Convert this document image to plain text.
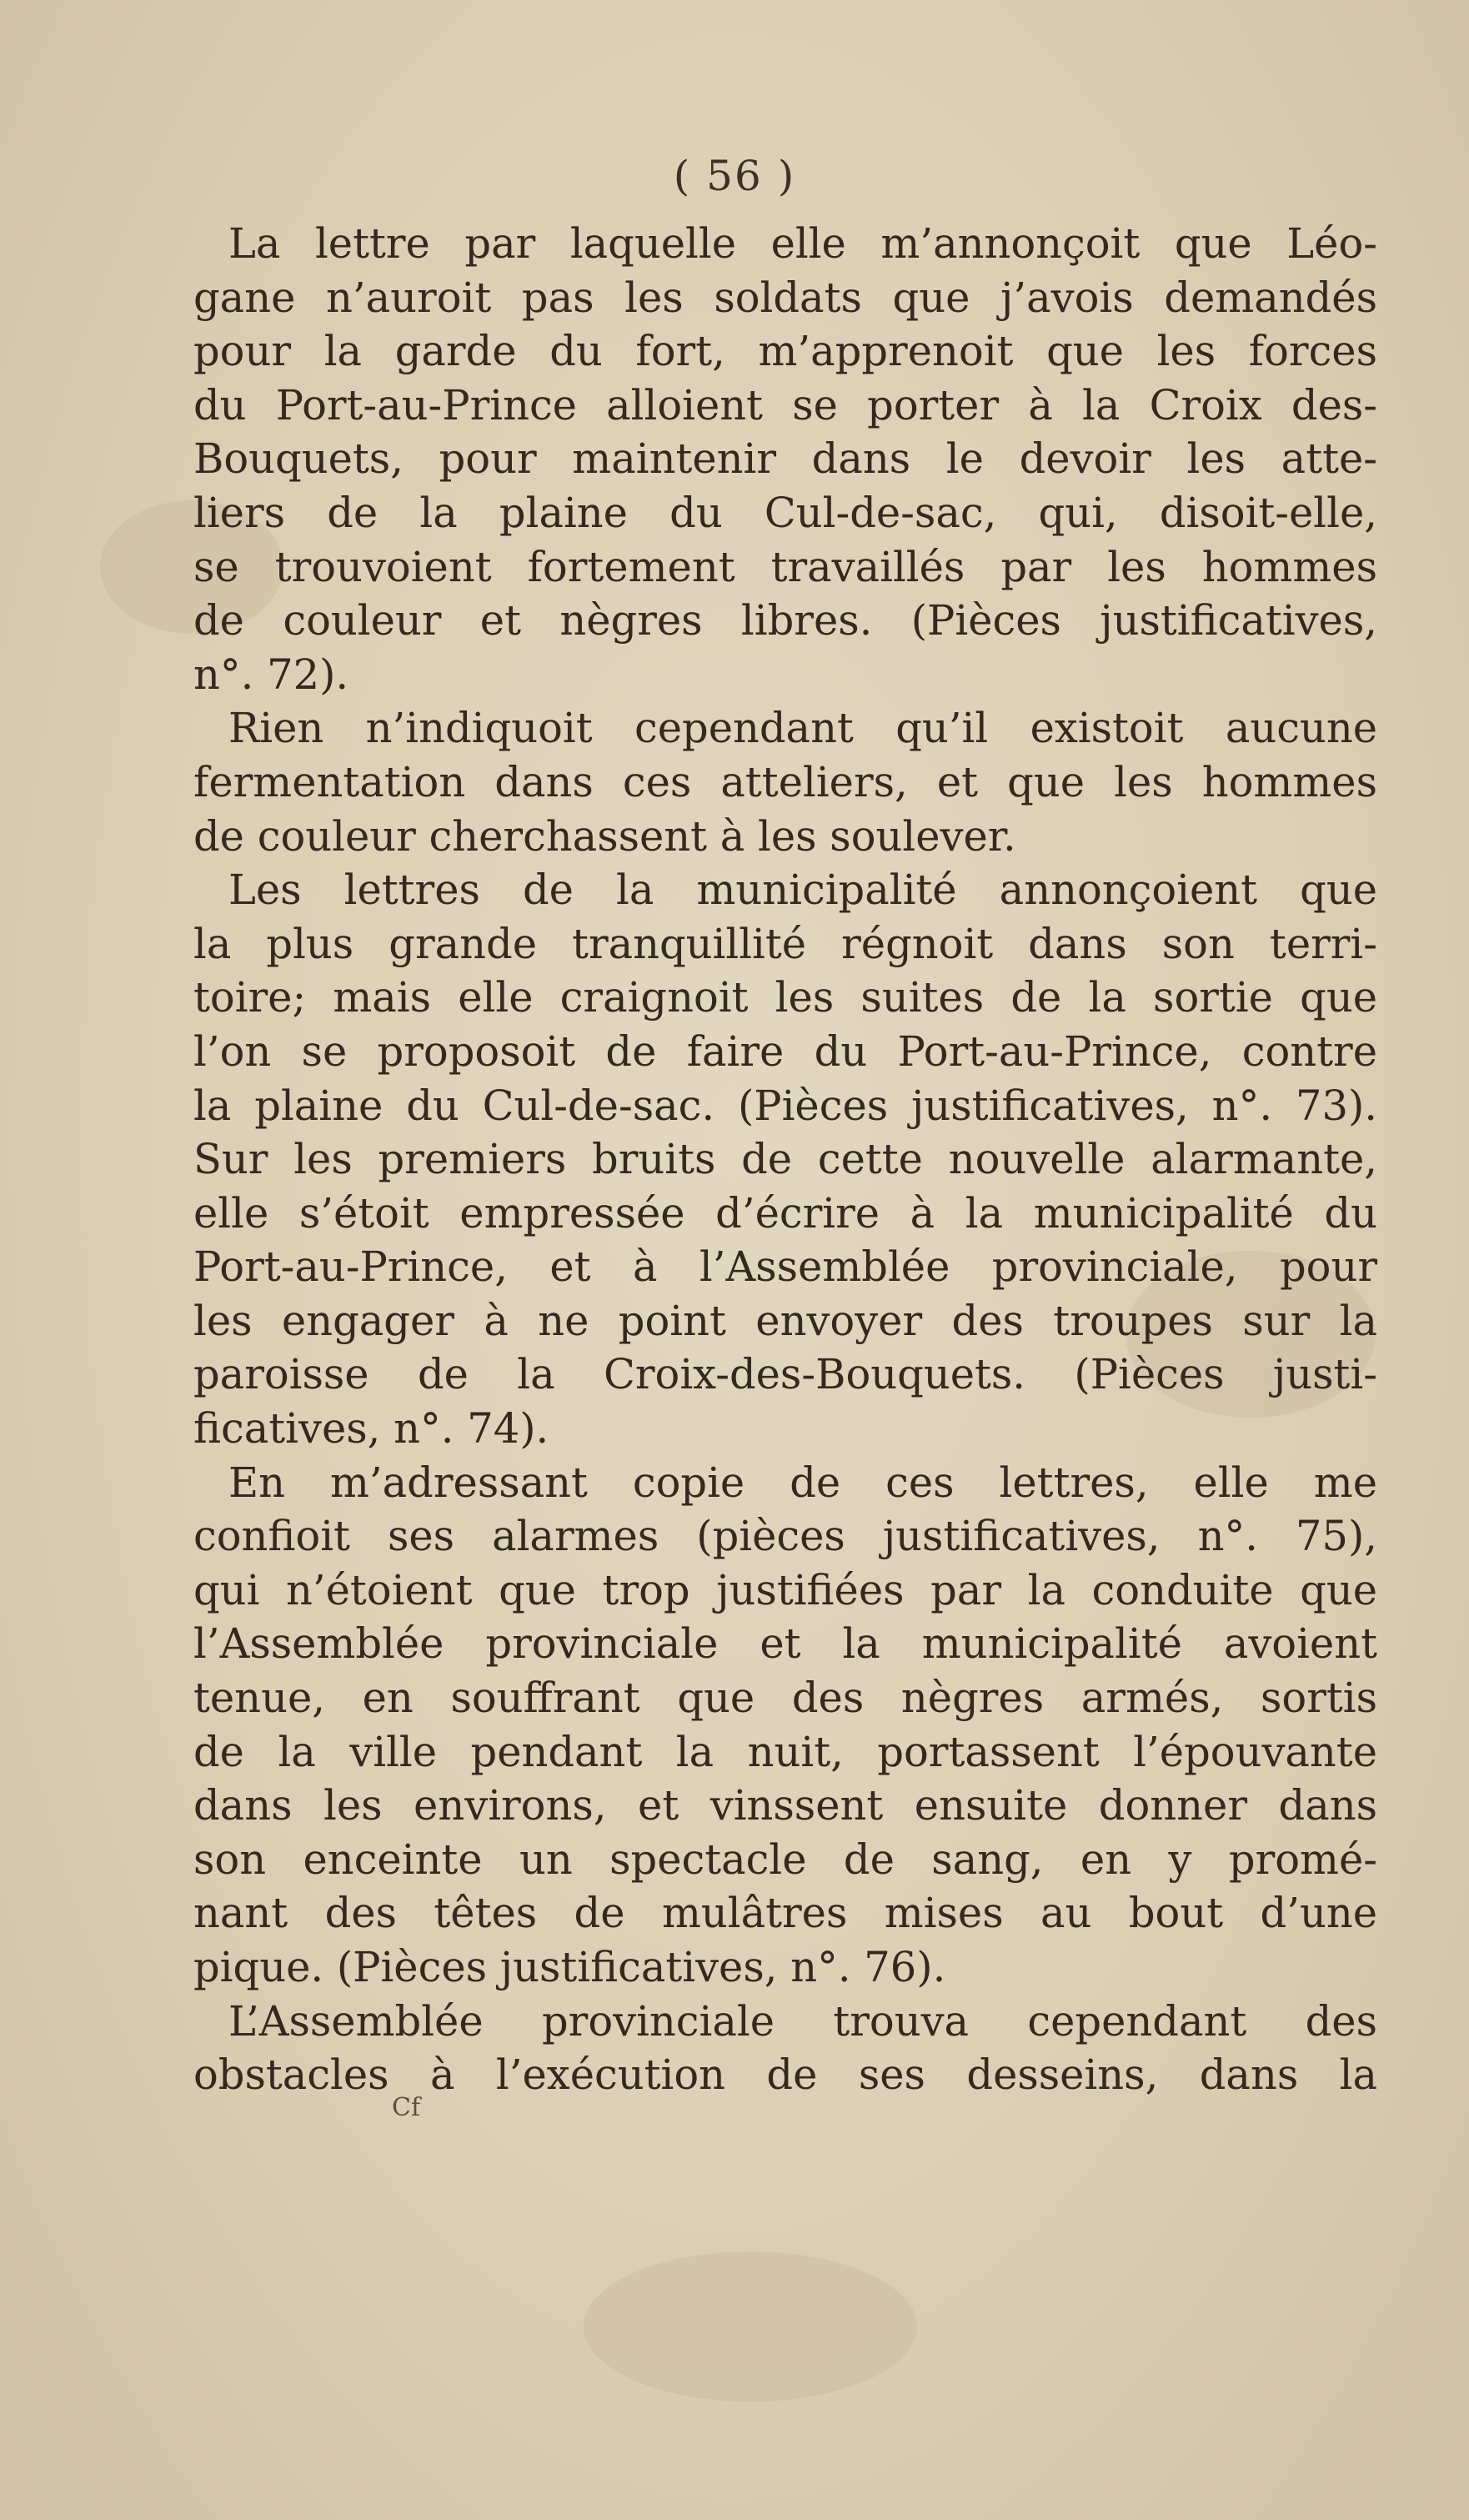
( 56 )
La lettre par laquelle elle m’annonçoit que Léo-
gane n’auroit pas les soldats que j’avois demandés
pour la garde du fort, m’apprenoit que les forces
du Port-au-Prince alloient se porter à la Croix des-
Bouquets, pour maintenir dans le devoir les atte-
liers de la plaine du Cul-de-sac, qui, disoit-elle,
se trouvoient fortement travaillés par les hommes
de couleur et nègres libres. (Pièces justificatives,
n°. 72).
Rien n’indiquoit cependant qu’il existoit aucune
fermentation dans ces atteliers, et que les hommes
de couleur cherchassent à les soulever.
Les lettres de la municipalité annonçoient que
la plus grande tranquillité régnoit dans son terri-
toire; mais elle craignoit les suites de la sortie que
l’on se proposoit de faire du Port-au-Prince, contre
la plaine du Cul-de-sac. (Pièces justificatives, n°. 73).
Sur les premiers bruits de cette nouvelle alarmante,
elle s’étoit empressée d’écrire à la municipalité du
Port-au-Prince, et à l’Assemblée provinciale, pour
les engager à ne point envoyer des troupes sur la
paroisse de la Croix-des-Bouquets. (Pièces justi-
ficatives, n°. 74).
En m’adressant copie de ces lettres, elle me
confioit ses alarmes (pièces justificatives, n°. 75),
qui n’étoient que trop justifiées par la conduite que
l’Assemblée provinciale et la municipalité avoient
tenue, en souffrant que des nègres armés, sortis
de la ville pendant la nuit, portassent l’épouvante
dans les environs, et vinssent ensuite donner dans
son enceinte un spectacle de sang, en y promé-
nant des têtes de mulâtres mises au bout d’une
pique. (Pièces justificatives, n°. 76).
L’Assemblée provinciale trouva cependant des
obstacles à l’exécution de ses desseins, dans la
Cf
